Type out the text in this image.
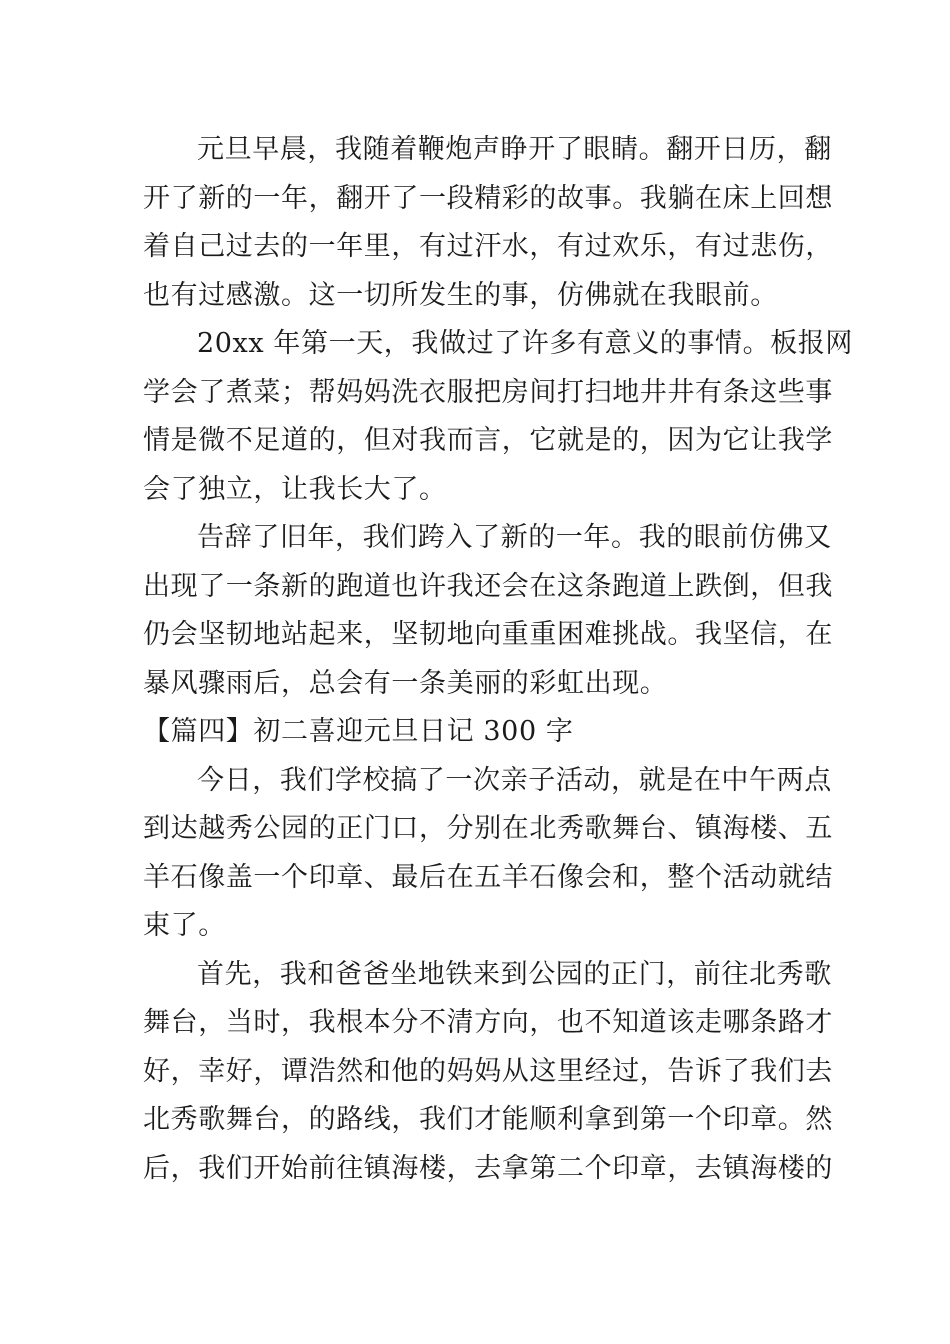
元旦早晨，我随着鞭炮声睁开了眼睛。翻开日历，翻
开了新的一年，翻开了一段精彩的故事。我躺在床上回想
着自己过去的一年里，有过汗水，有过欢乐，有过悲伤，
也有过感激。这一切所发生的事，仿佛就在我眼前。

20xx 年第一天，我做过了许多有意义的事情。板报网
学会了煮菜；帮妈妈洗衣服把房间打扫地井井有条这些事
情是微不足道的，但对我而言，它就是的，因为它让我学
会了独立，让我长大了。

告辞了旧年，我们跨入了新的一年。我的眼前仿佛又
出现了一条新的跑道也许我还会在这条跑道上跌倒，但我
仍会坚韧地站起来，坚韧地向重重困难挑战。我坚信，在
暴风骤雨后，总会有一条美丽的彩虹出现。

【篇四】初二喜迎元旦日记 300 字

今日，我们学校搞了一次亲子活动，就是在中午两点
到达越秀公园的正门口，分别在北秀歌舞台、镇海楼、五
羊石像盖一个印章、最后在五羊石像会和，整个活动就结
束了。

首先，我和爸爸坐地铁来到公园的正门，前往北秀歌
舞台，当时，我根本分不清方向，也不知道该走哪条路才
好，幸好，谭浩然和他的妈妈从这里经过，告诉了我们去
北秀歌舞台，的路线，我们才能顺利拿到第一个印章。然
后，我们开始前往镇海楼，去拿第二个印章，去镇海楼的
